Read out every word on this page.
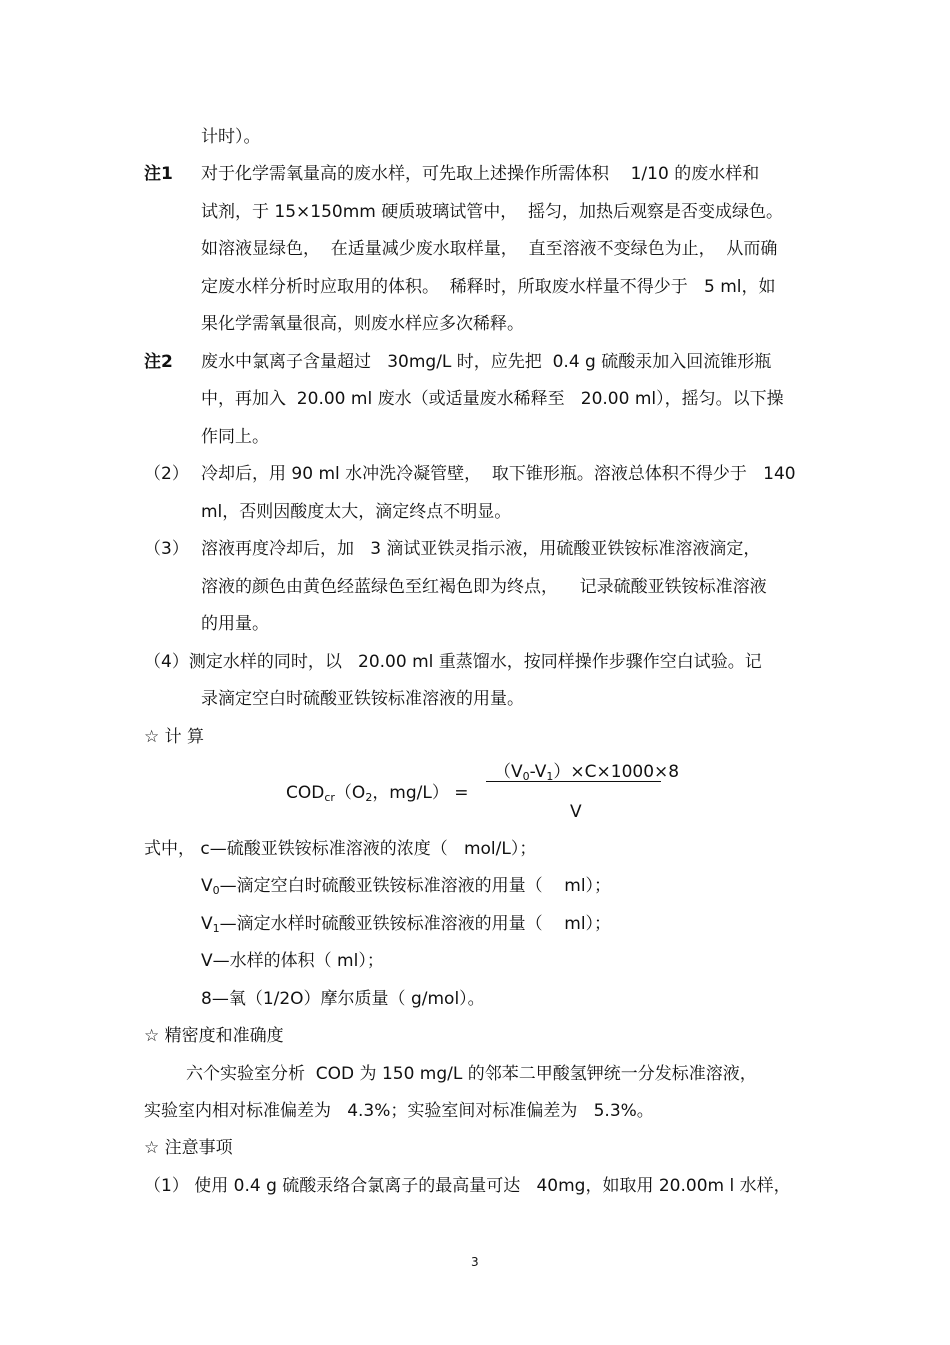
计时）。
注1 对于化学需氧量高的废水样，可先取上述操作所需体积    1/10 的废水样和
试剂，于 15×150mm 硬质玻璃试管中，  摇匀，加热后观察是否变成绿色。
如溶液显绿色，  在适量减少废水取样量，  直至溶液不变绿色为止，  从而确
定废水样分析时应取用的体积。  稀释时，所取废水样量不得少于   5 ml，如
果化学需氧量很高，则废水样应多次稀释。
注2 废水中氯离子含量超过   30mg/L 时，应先把  0.4 g 硫酸汞加入回流锥形瓶
中，再加入  20.00 ml 废水（或适量废水稀释至   20.00 ml），摇匀。以下操
作同上。
（2） 冷却后，用 90 ml 水冲洗冷凝管壁，  取下锥形瓶。溶液总体积不得少于   140
ml，否则因酸度太大，滴定终点不明显。
（3） 溶液再度冷却后，加   3 滴试亚铁灵指示液，用硫酸亚铁铵标准溶液滴定，
溶液的颜色由黄色经蓝绿色至红褐色即为终点，    记录硫酸亚铁铵标准溶液
的用量。
（4）测定水样的同时，以   20.00 ml 重蒸馏水，按同样操作步骤作空白试验。记
录滴定空白时硫酸亚铁铵标准溶液的用量。
☆ 计 算
$COD_{cr}(O_2$，mg/L） =
$(V_0-V_1)\times C\times 1000\times 8$
V
式中， c—硫酸亚铁铵标准溶液的浓度（   mol/L）；
$V_0—$滴定空白时硫酸亚铁铵标准溶液的用量（    ml）；
$V_1—$滴定水样时硫酸亚铁铵标准溶液的用量（    ml）；
V—水样的体积（ ml）；
8—氧（1/2O）摩尔质量（ g/mol）。
☆ 精密度和准确度
六个实验室分析  COD 为 150 mg/L 的邻苯二甲酸氢钾统一分发标准溶液，
实验室内相对标准偏差为   4.3%；实验室间对标准偏差为   5.3%。
☆ 注意事项
（1） 使用 0.4 g 硫酸汞络合氯离子的最高量可达   40mg，如取用 20.00m l 水样，
3
